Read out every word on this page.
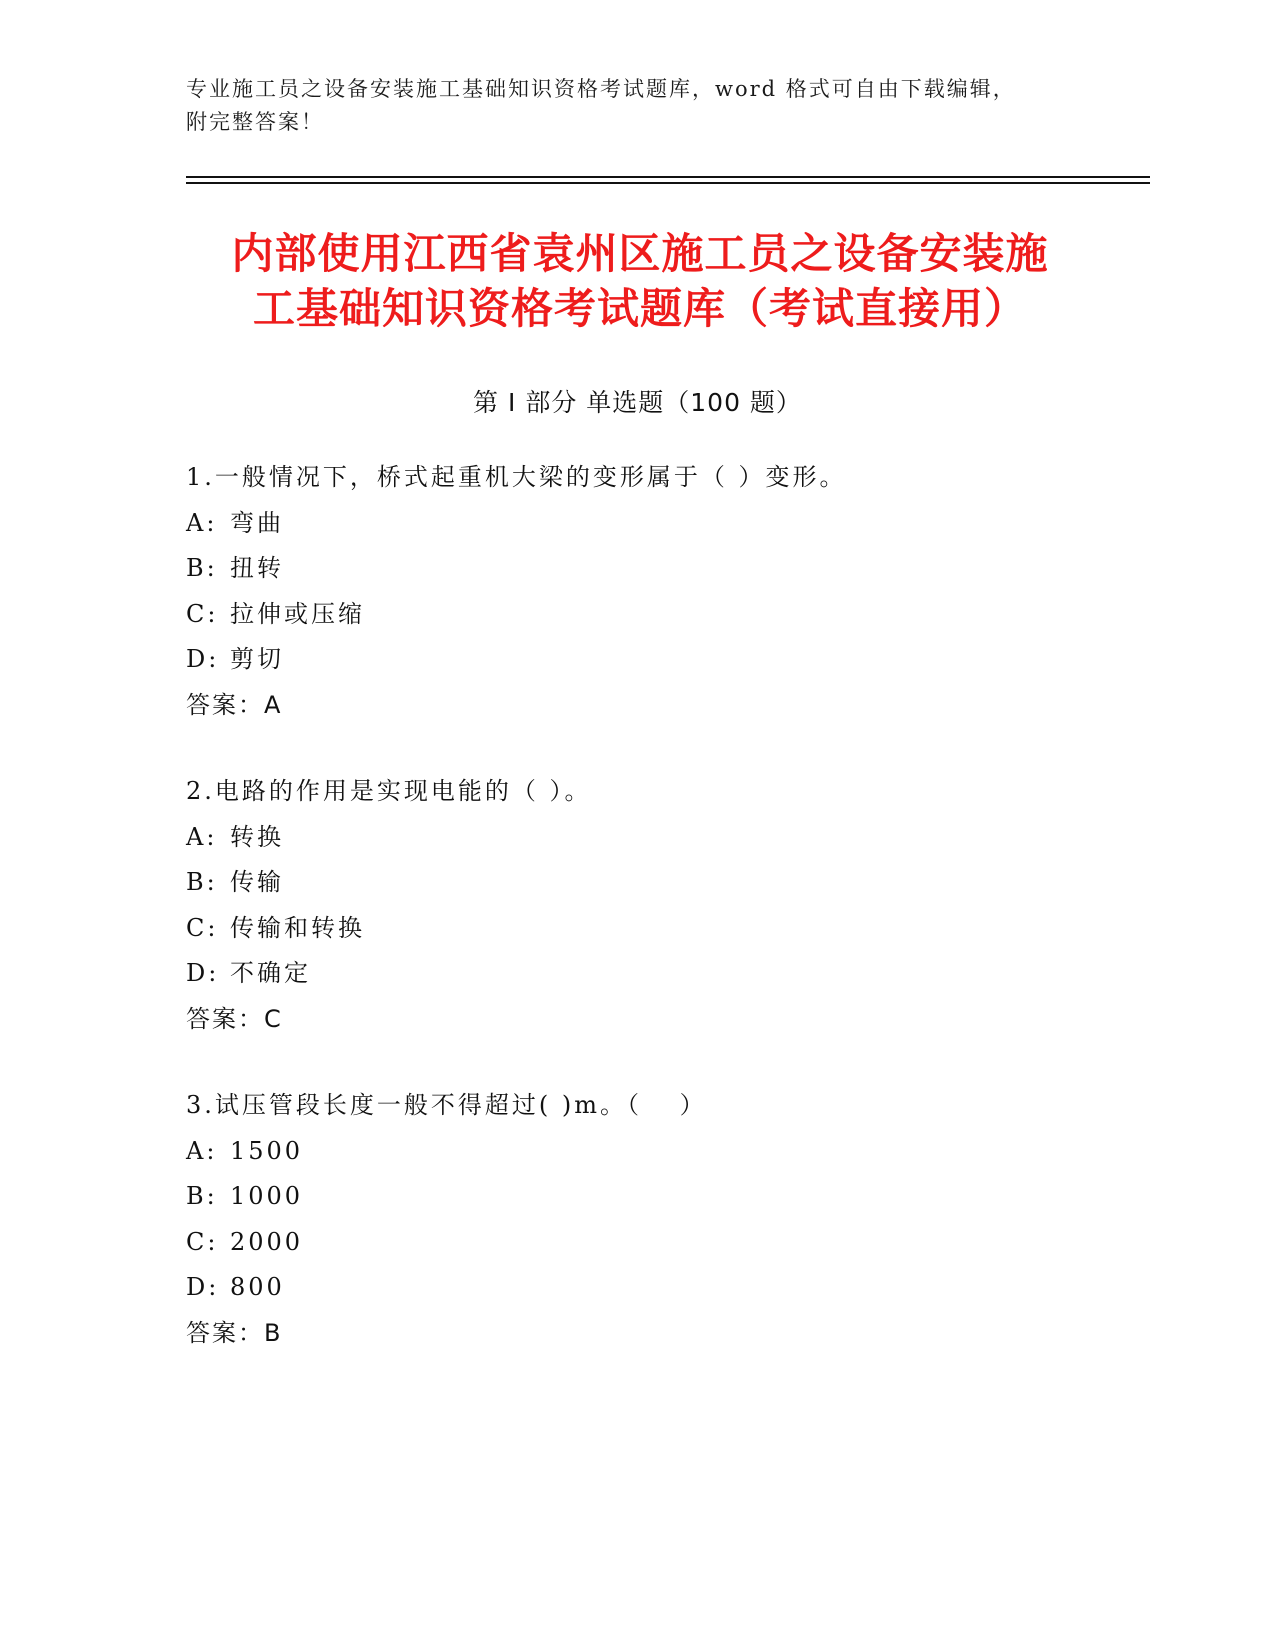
专业施工员之设备安装施工基础知识资格考试题库，word 格式可自由下载编辑，
附完整答案！
内部使用江西省袁州区施工员之设备安装施
工基础知识资格考试题库（考试直接用）
第 I 部分 单选题（100 题）
1.一般情况下，桥式起重机大梁的变形属于（ ）变形。
A: 弯曲
B: 扭转
C: 拉伸或压缩
D: 剪切
答案：A
2.电路的作用是实现电能的（ ）。
A: 转换
B: 传输
C: 传输和转换
D: 不确定
答案：C
3.试压管段长度一般不得超过( )m。（　 ）
A: 1500
B: 1000
C: 2000
D: 800
答案：B
